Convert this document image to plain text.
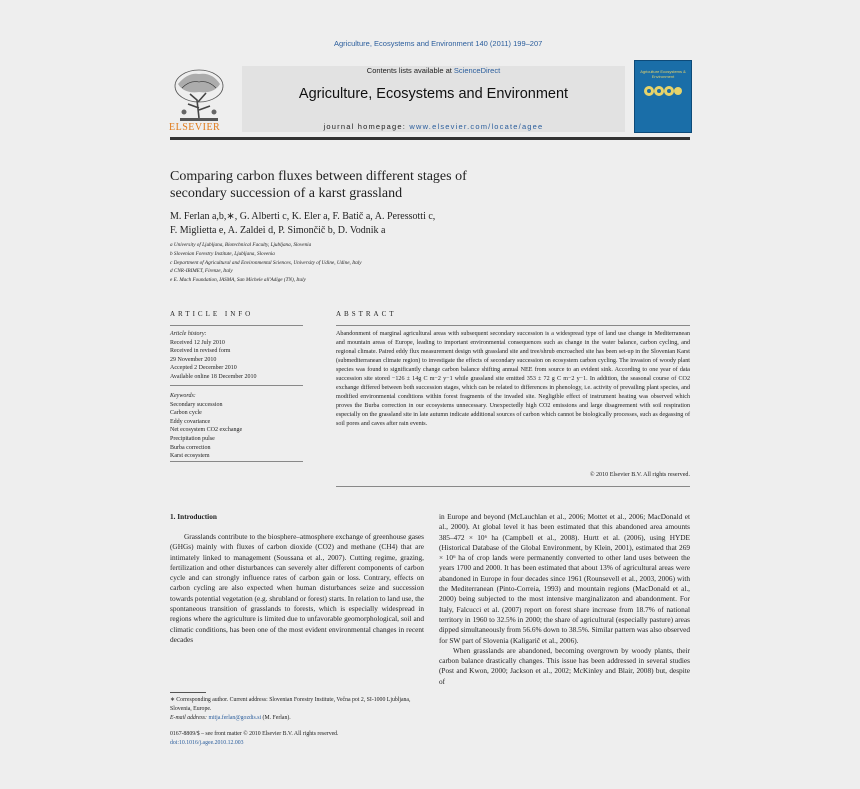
Agriculture, Ecosystems and Environment 140 (2011) 199–207
ELSEVIER
Contents lists available at ScienceDirect
Agriculture, Ecosystems and Environment
journal homepage: www.elsevier.com/locate/agee
Agriculture Ecosystems & Environment
Comparing carbon fluxes between different stages of
secondary succession of a karst grassland
M. Ferlan a,b,∗, G. Alberti c, K. Eler a, F. Batič a, A. Peressotti c,
F. Miglietta e, A. Zaldei d, P. Simončič b, D. Vodnik a
a University of Ljubljana, Biotechnical Faculty, Ljubljana, Slovenia
b Slovenian Forestry Institute, Ljubljana, Slovenia
c Department of Agricultural and Environmental Sciences, University of Udine, Udine, Italy
d CNR-IBIMET, Firenze, Italy
e E. Mach Foundation, IASMA, San Michele all'Adige (TN), Italy
ARTICLE INFO	ABSTRACT
Article history:
Received 12 July 2010
Received in revised form
29 November 2010
Accepted 2 December 2010
Available online 18 December 2010
Keywords:
Secondary succession
Carbon cycle
Eddy covariance
Net ecosystem CO2 exchange
Precipitation pulse
Burba correction
Karst ecosystem
Abandonment of marginal agricultural areas with subsequent secondary succession is a widespread type of land use change in Mediterranean and mountain areas of Europe, leading to important environmental consequences such as change in the water balance, carbon cycling, and regional climate. Paired eddy flux measurement design with grassland site and tree/shrub encroached site has been set-up in the Slovenian Karst (submediterranean climate region) to investigate the effects of secondary succession on ecosystem carbon cycling. The invasion of woody plant species was found to significantly change carbon balance shifting annual NEE from source to an evident sink. According to one year of data succession site stored −126 ± 14g C m−2 y−1 while grassland site emitted 353 ± 72 g C m−2 y−1. In addition, the seasonal course of CO2 exchange differed between both succession stages, which can be related to differences in phenology, i.e. activity of prevailing plant species, and modified environmental conditions within forest fragments of the invaded site. Negligible effect of instrument heating was observed which proves the Burba correction in our ecosystems unnecessary. Unexpectedly high CO2 emissions and large disagreement with soil respiration especially on the grassland site in late autumn indicate additional sources of carbon which cannot be biologically processes, such as degassing of soil pores and caves after rain events.
© 2010 Elsevier B.V. All rights reserved.
1. Introduction

Grasslands contribute to the biosphere–atmosphere exchange of greenhouse gases (GHGs) mainly with fluxes of carbon dioxide (CO2) and methane (CH4) that are intimately linked to management (Soussana et al., 2007). Cutting regime, grazing, fertilization and other disturbances can severely alter different components of carbon cycle and can strongly influence rates of carbon gain or loss. Contrary, effects on carbon cycling are also expected when human disturbances seize and succession towards potential vegetation (e.g. shrubland or forest) starts. In relation to land use, the spontaneous transition of grasslands to forests, which is especially widespread in regions where the agriculture is limited due to unfavorable geomorphological, soil and climatic conditions, has been one of the most evident environmental changes in recent decades

in Europe and beyond (McLauchlan et al., 2006; Mottet et al., 2006; MacDonald et al., 2000). At global level it has been estimated that this abandoned area amounts 385–472 × 10⁶ ha (Campbell et al., 2008). Hurtt et al. (2006), using HYDE (Historical Database of the Global Environment, by Klein, 2001), estimated that 269 × 10⁶ ha of crop lands were permanently converted to other land uses between the years 1700 and 2000. It has been estimated that about 13% of agricultural areas were abandoned in Europe in four decades since 1961 (Rounsevell et al., 2003, 2006) with the Mediterranean (Pinto-Correia, 1993) and mountain regions (MacDonald et al., 2000) being subjected to the most intensive marginalizaton and abandonment. For Italy, Falcucci et al. (2007) report on forest share increase from 18.7% of national territory in 1960 to 32.5% in 2000; the share of agricultural (especially pasture) areas dipped simultaneously from 56.6% down to 38.5%. Similar pattern was also observed for SW part of Slovenia (Kaligarič et al., 2006).

When grasslands are abandoned, becoming overgrown by woody plants, their carbon balance drastically changes. This issue has been addressed in several studies (Post and Kwon, 2000; Jackson et al., 2002; McKinley and Blair, 2008) but, despite of

∗ Corresponding author. Current address: Slovenian Forestry Institute, Večna pot 2, SI-1000 Ljubljana, Slovenia, Europe.
E-mail address: mitja.ferlan@gozdis.si (M. Ferlan).
0167-8809/$ – see front matter © 2010 Elsevier B.V. All rights reserved.
doi:10.1016/j.agee.2010.12.003
